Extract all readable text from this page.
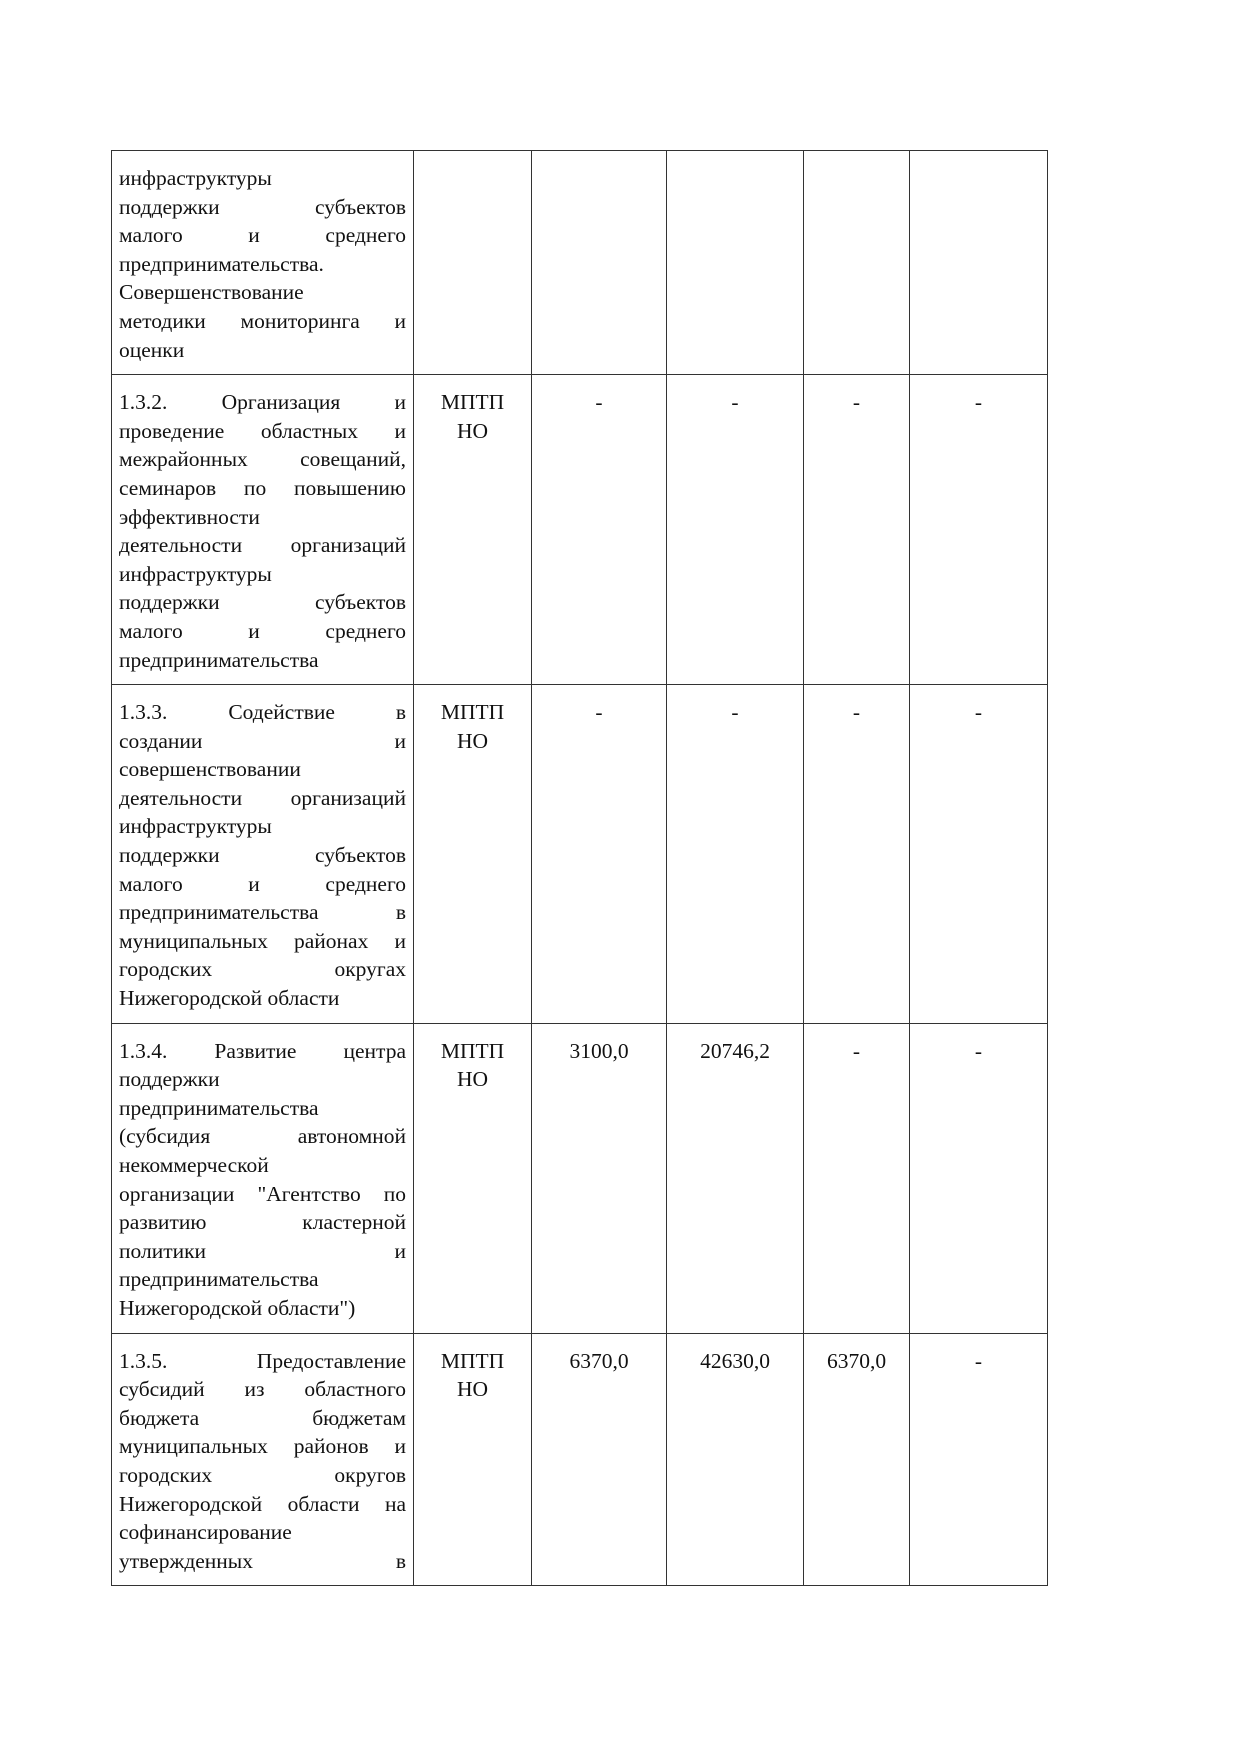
инфраструктуры
поддержки субъектов
малого и среднего
предпринимательства.
Совершенствование
методики мониторинга и
оценки

1.3.2. Организация и
проведение областных и
межрайонных совещаний,
семинаров по повышению
эффективности
деятельности организаций
инфраструктуры
поддержки субъектов
малого и среднего
предпринимательства
	МПТП НО	-	-	-	-

1.3.3. Содействие в
создании и
совершенствовании
деятельности организаций
инфраструктуры
поддержки субъектов
малого и среднего
предпринимательства в
муниципальных районах и
городских округах
Нижегородской области
	МПТП НО	-	-	-	-

1.3.4. Развитие центра
поддержки
предпринимательства
(субсидия автономной
некоммерческой
организации "Агентство по
развитию кластерной
политики и
предпринимательства
Нижегородской области")
	МПТП НО	3100,0	20746,2	-	-

1.3.5. Предоставление
субсидий из областного
бюджета бюджетам
муниципальных районов и
городских округов
Нижегородской области на
софинансирование
утвержденных в
	МПТП НО	6370,0	42630,0	6370,0	-
